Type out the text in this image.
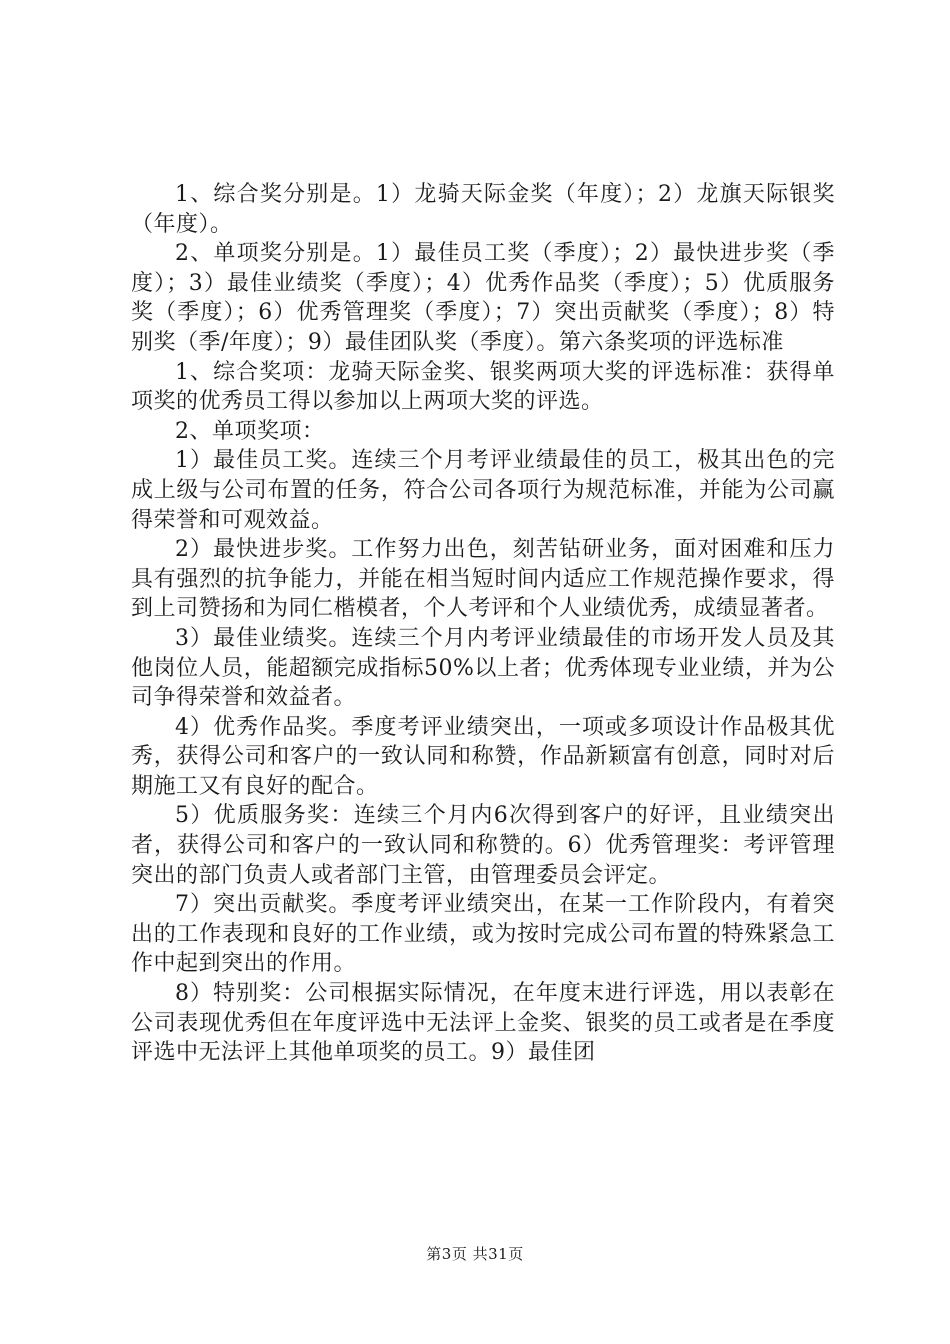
1、综合奖分别是。1）龙骑天际金奖（年度）；2）龙旗天际银奖（年度）。

2、单项奖分别是。1）最佳员工奖（季度）；2）最快进步奖（季度）；3）最佳业绩奖（季度）；4）优秀作品奖（季度）；5）优质服务奖（季度）；6）优秀管理奖（季度）；7）突出贡献奖（季度）；8）特别奖（季/年度）；9）最佳团队奖（季度）。第六条奖项的评选标准

1、综合奖项：龙骑天际金奖、银奖两项大奖的评选标准：获得单项奖的优秀员工得以参加以上两项大奖的评选。

2、单项奖项：

1）最佳员工奖。连续三个月考评业绩最佳的员工，极其出色的完成上级与公司布置的任务，符合公司各项行为规范标准，并能为公司赢得荣誉和可观效益。

2）最快进步奖。工作努力出色，刻苦钻研业务，面对困难和压力具有强烈的抗争能力，并能在相当短时间内适应工作规范操作要求，得到上司赞扬和为同仁楷模者，个人考评和个人业绩优秀，成绩显著者。

3）最佳业绩奖。连续三个月内考评业绩最佳的市场开发人员及其他岗位人员，能超额完成指标50%以上者；优秀体现专业业绩，并为公司争得荣誉和效益者。

4）优秀作品奖。季度考评业绩突出，一项或多项设计作品极其优秀，获得公司和客户的一致认同和称赞，作品新颖富有创意，同时对后期施工又有良好的配合。

5）优质服务奖：连续三个月内6次得到客户的好评，且业绩突出者，获得公司和客户的一致认同和称赞的。6）优秀管理奖：考评管理突出的部门负责人或者部门主管，由管理委员会评定。

7）突出贡献奖。季度考评业绩突出，在某一工作阶段内，有着突出的工作表现和良好的工作业绩，或为按时完成公司布置的特殊紧急工作中起到突出的作用。

8）特别奖：公司根据实际情况，在年度末进行评选，用以表彰在公司表现优秀但在年度评选中无法评上金奖、银奖的员工或者是在季度评选中无法评上其他单项奖的员工。9）最佳团

第3页 共31页
